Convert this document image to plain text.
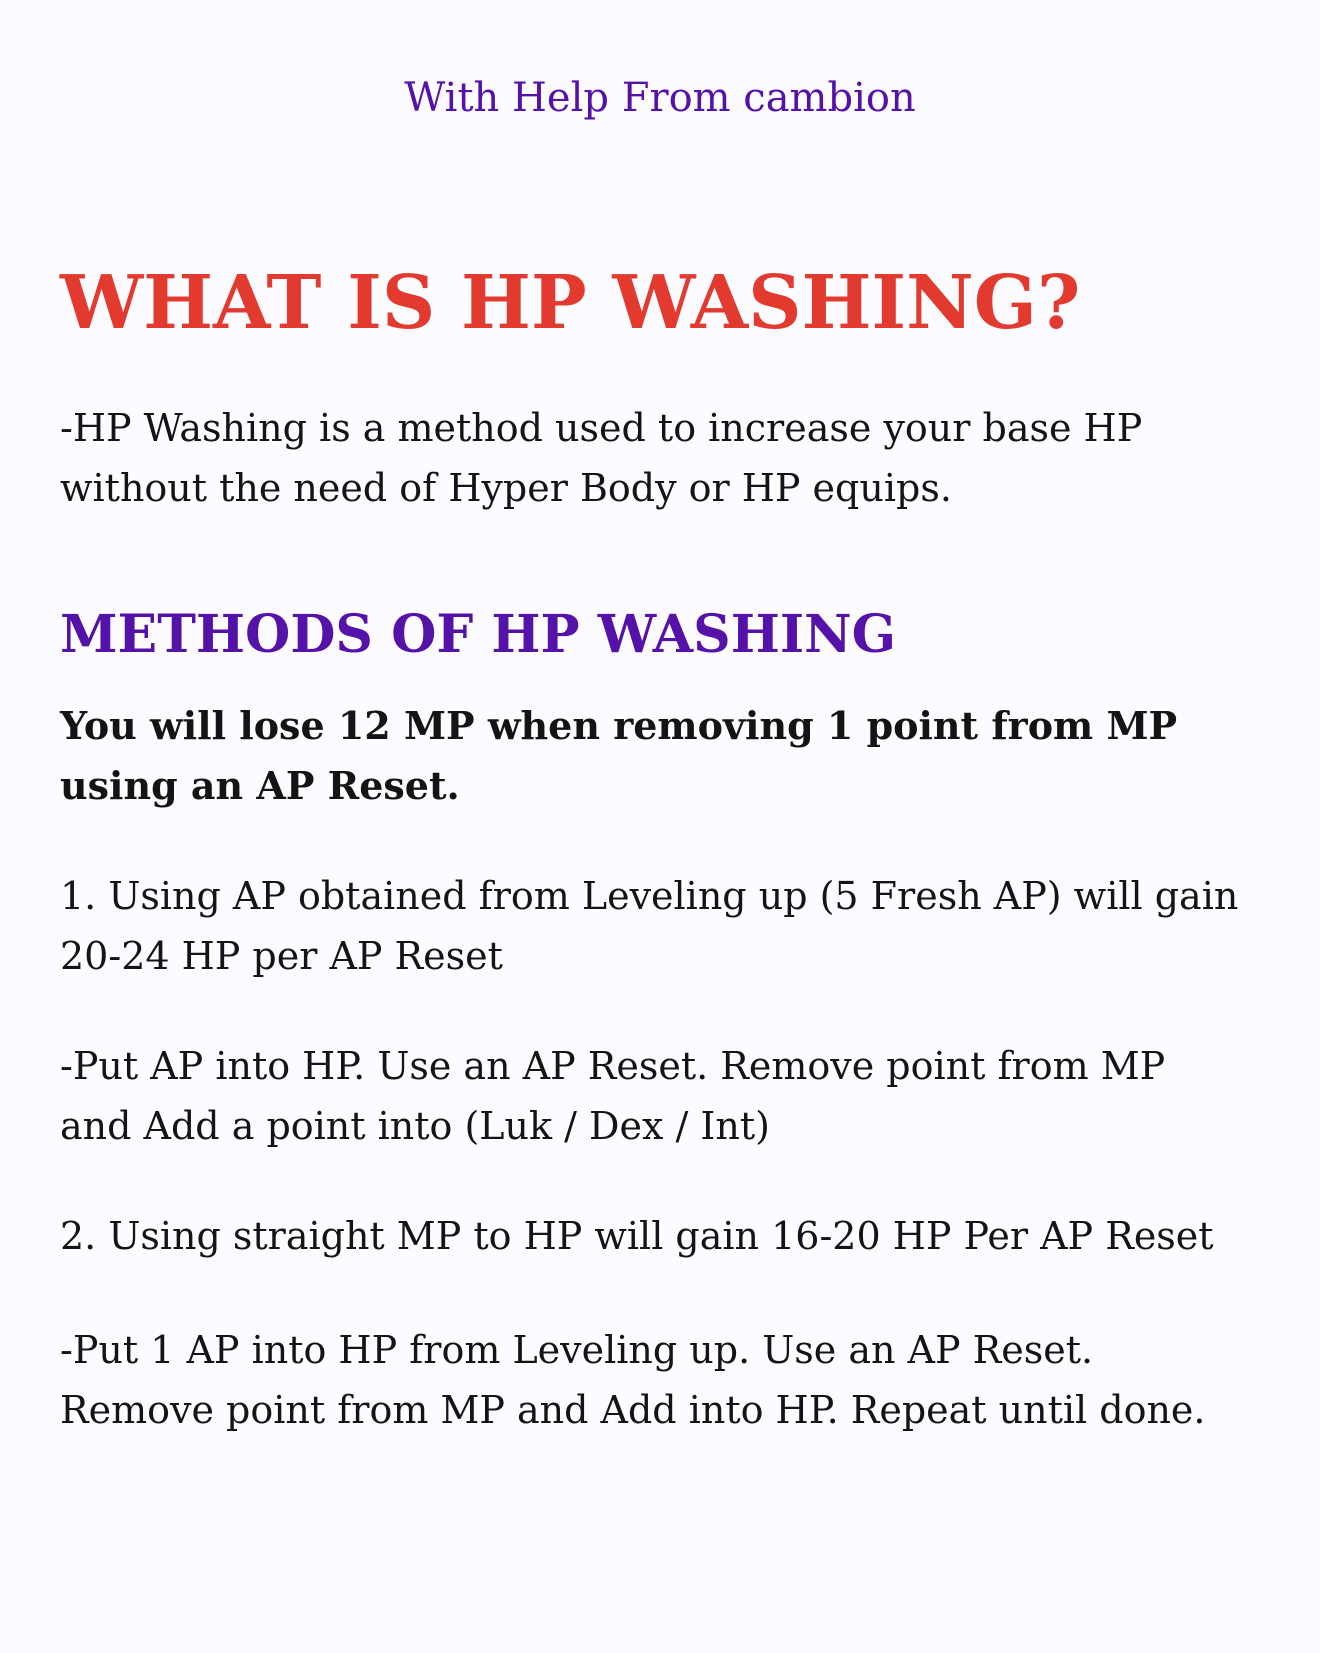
With Help From cambion
WHAT IS HP WASHING?

-HP Washing is a method used to increase your base HP
without the need of Hyper Body or HP equips.

METHODS OF HP WASHING

You will lose 12 MP when removing 1 point from MP
using an AP Reset.

1. Using AP obtained from Leveling up (5 Fresh AP) will gain
20-24 HP per AP Reset

-Put AP into HP. Use an AP Reset. Remove point from MP
and Add a point into (Luk / Dex / Int)

2. Using straight MP to HP will gain 16-20 HP Per AP Reset

-Put 1 AP into HP from Leveling up. Use an AP Reset.
Remove point from MP and Add into HP. Repeat until done.
